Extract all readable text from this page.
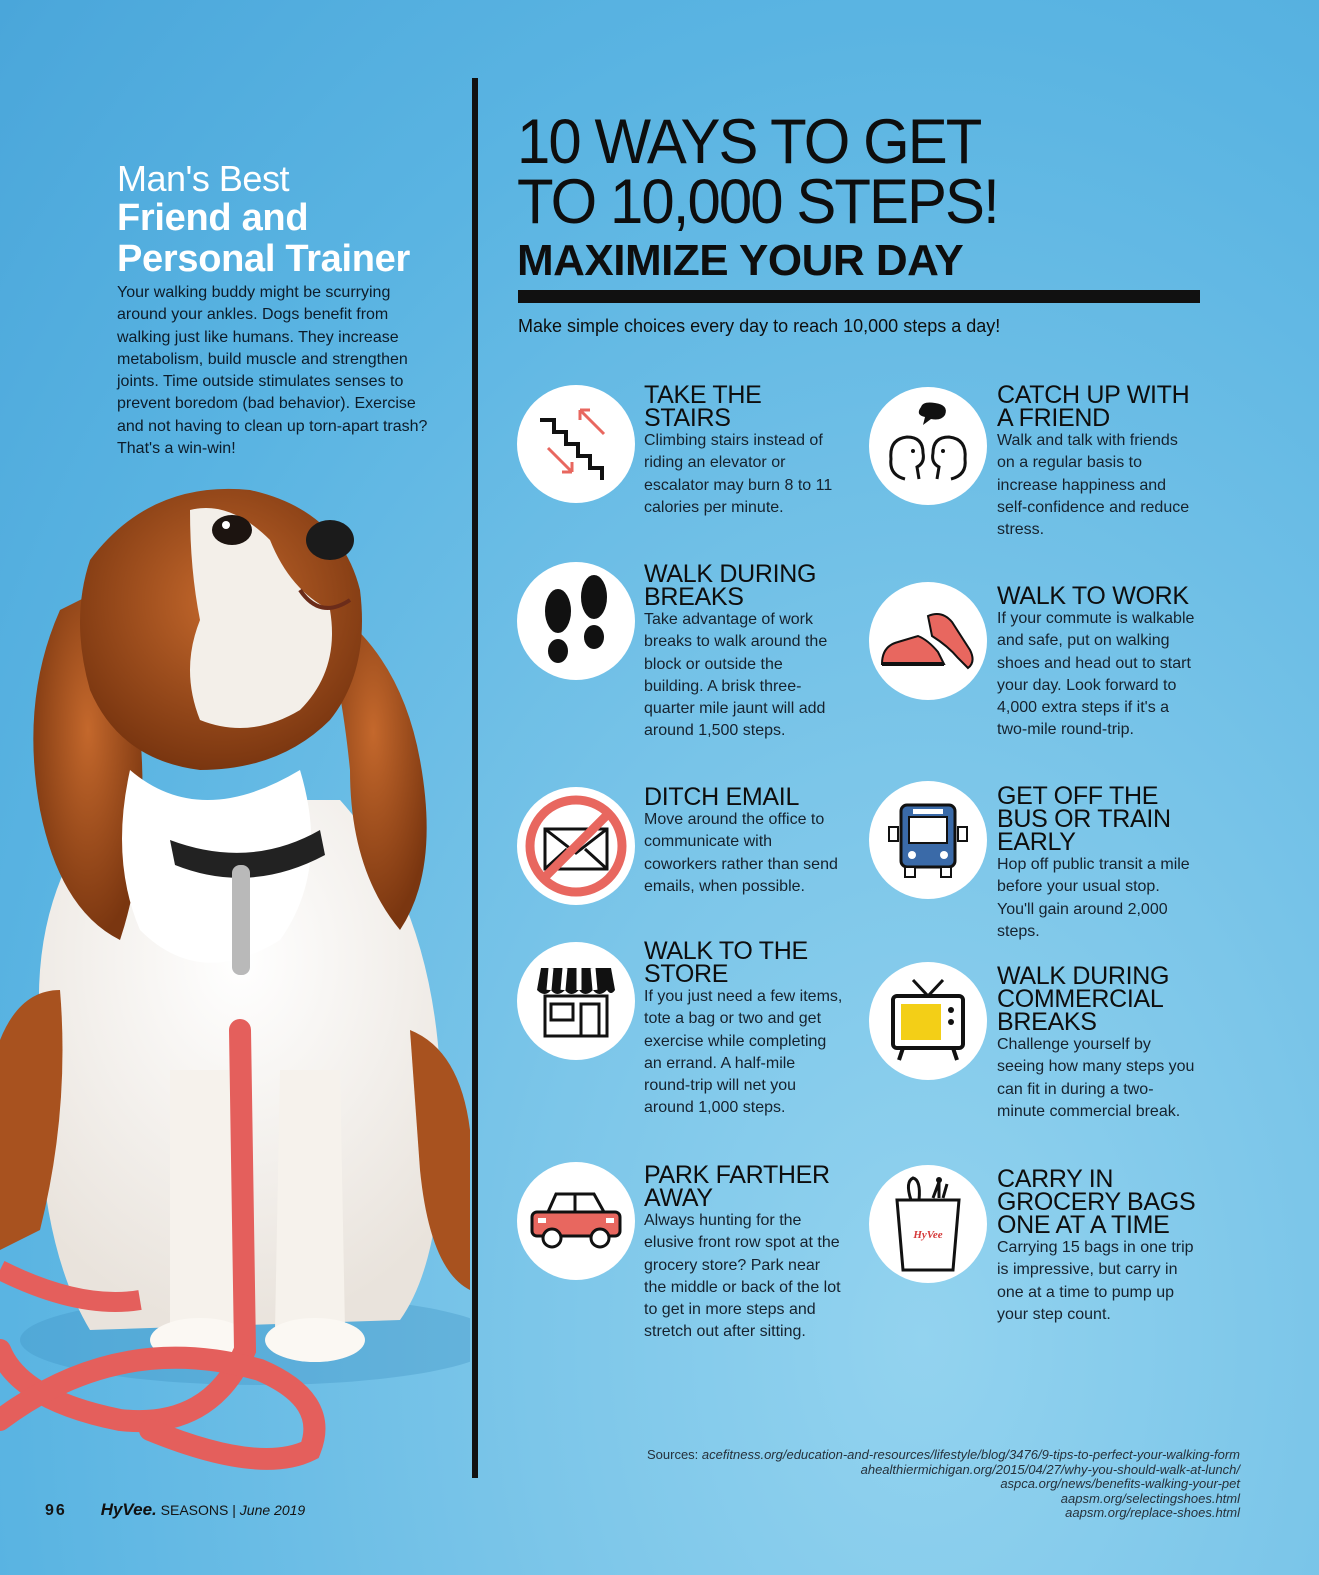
Man's Best
Friend and
Personal Trainer
Your walking buddy might be scurrying around your ankles. Dogs benefit from walking just like humans. They increase metabolism, build muscle and strengthen joints. Time outside stimulates senses to prevent boredom (bad behavior). Exercise and not having to clean up torn-apart trash? That's a win-win!
10 WAYS TO GET
TO 10,000 STEPS!
MAXIMIZE YOUR DAY
Make simple choices every day to reach 10,000 steps a day!
TAKE THE STAIRS
Climbing stairs instead of riding an elevator or escalator may burn 8 to 11 calories per minute.
CATCH UP WITH A FRIEND
Walk and talk with friends on a regular basis to increase happiness and self-confidence and reduce stress.
WALK DURING BREAKS
Take advantage of work breaks to walk around the block or outside the building. A brisk three-quarter mile jaunt will add around 1,500 steps.
WALK TO WORK
If your commute is walkable and safe, put on walking shoes and head out to start your day. Look forward to 4,000 extra steps if it's a two-mile round-trip.
DITCH EMAIL
Move around the office to communicate with coworkers rather than send emails, when possible.
GET OFF THE BUS OR TRAIN EARLY
Hop off public transit a mile before your usual stop. You'll gain around 2,000 steps.
WALK TO THE STORE
If you just need a few items, tote a bag or two and get exercise while completing an errand. A half-mile round-trip will net you around 1,000 steps.
WALK DURING COMMERCIAL BREAKS
Challenge yourself by seeing how many steps you can fit in during a two-minute commercial break.
PARK FARTHER AWAY
Always hunting for the elusive front row spot at the grocery store? Park near the middle or back of the lot to get in more steps and stretch out after sitting.
HyVee
CARRY IN GROCERY BAGS ONE AT A TIME
Carrying 15 bags in one trip is impressive, but carry in one at a time to pump up your step count.
Sources: acefitness.org/education-and-resources/lifestyle/blog/3476/9-tips-to-perfect-your-walking-form
ahealthiermichigan.org/2015/04/27/why-you-should-walk-at-lunch/
aspca.org/news/benefits-walking-your-pet
aapsm.org/selectingshoes.html
aapsm.org/replace-shoes.html
96 HyVee. SEASONS | June 2019
